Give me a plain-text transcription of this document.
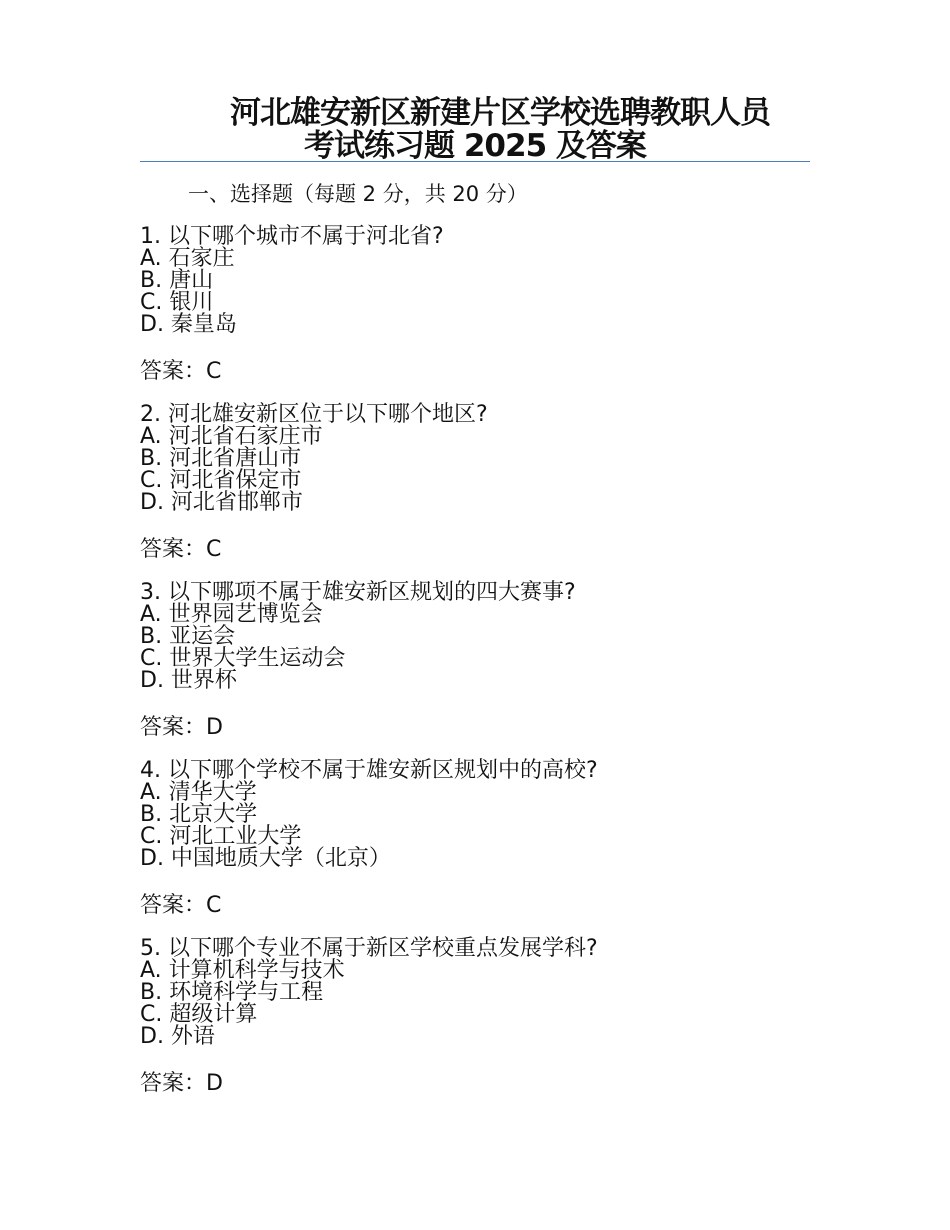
河北雄安新区新建片区学校选聘教职人员
考试练习题 2025 及答案
一、选择题（每题 2 分，共 20 分）
1. 以下哪个城市不属于河北省?
A. 石家庄
B. 唐山
C. 银川
D. 秦皇岛
答案：C
2. 河北雄安新区位于以下哪个地区?
A. 河北省石家庄市
B. 河北省唐山市
C. 河北省保定市
D. 河北省邯郸市
答案：C
3. 以下哪项不属于雄安新区规划的四大赛事?
A. 世界园艺博览会
B. 亚运会
C. 世界大学生运动会
D. 世界杯
答案：D
4. 以下哪个学校不属于雄安新区规划中的高校?
A. 清华大学
B. 北京大学
C. 河北工业大学
D. 中国地质大学（北京）
答案：C
5. 以下哪个专业不属于新区学校重点发展学科?
A. 计算机科学与技术
B. 环境科学与工程
C. 超级计算
D. 外语
答案：D
